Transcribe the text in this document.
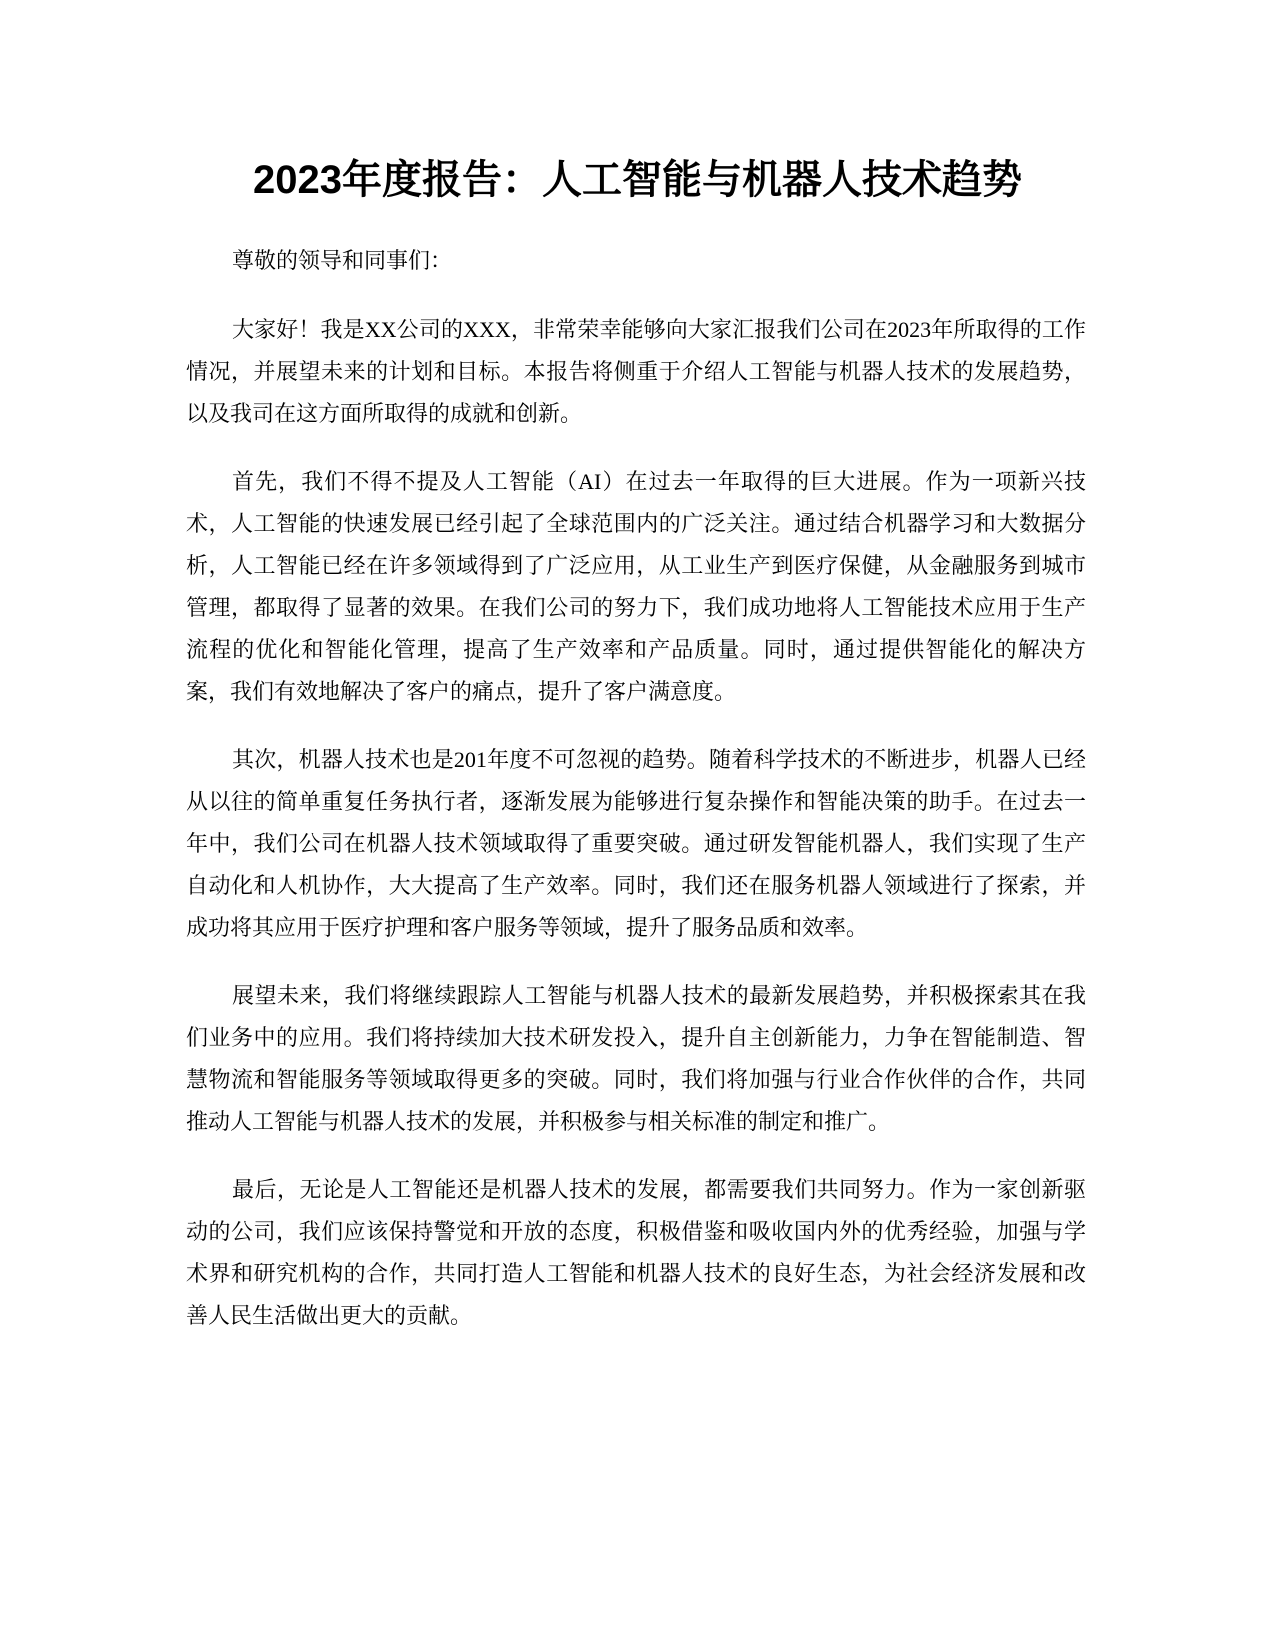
2023年度报告：人工智能与机器人技术趋势

尊敬的领导和同事们：

大家好！我是XX公司的XXX，非常荣幸能够向大家汇报我们公司在2023年所取得的工作情况，并展望未来的计划和目标。本报告将侧重于介绍人工智能与机器人技术的发展趋势，以及我司在这方面所取得的成就和创新。

首先，我们不得不提及人工智能（AI）在过去一年取得的巨大进展。作为一项新兴技术，人工智能的快速发展已经引起了全球范围内的广泛关注。通过结合机器学习和大数据分析，人工智能已经在许多领域得到了广泛应用，从工业生产到医疗保健，从金融服务到城市管理，都取得了显著的效果。在我们公司的努力下，我们成功地将人工智能技术应用于生产流程的优化和智能化管理，提高了生产效率和产品质量。同时，通过提供智能化的解决方案，我们有效地解决了客户的痛点，提升了客户满意度。

其次，机器人技术也是201年度不可忽视的趋势。随着科学技术的不断进步，机器人已经从以往的简单重复任务执行者，逐渐发展为能够进行复杂操作和智能决策的助手。在过去一年中，我们公司在机器人技术领域取得了重要突破。通过研发智能机器人，我们实现了生产自动化和人机协作，大大提高了生产效率。同时，我们还在服务机器人领域进行了探索，并成功将其应用于医疗护理和客户服务等领域，提升了服务品质和效率。

展望未来，我们将继续跟踪人工智能与机器人技术的最新发展趋势，并积极探索其在我们业务中的应用。我们将持续加大技术研发投入，提升自主创新能力，力争在智能制造、智慧物流和智能服务等领域取得更多的突破。同时，我们将加强与行业合作伙伴的合作，共同推动人工智能与机器人技术的发展，并积极参与相关标准的制定和推广。

最后，无论是人工智能还是机器人技术的发展，都需要我们共同努力。作为一家创新驱动的公司，我们应该保持警觉和开放的态度，积极借鉴和吸收国内外的优秀经验，加强与学术界和研究机构的合作，共同打造人工智能和机器人技术的良好生态，为社会经济发展和改善人民生活做出更大的贡献。
